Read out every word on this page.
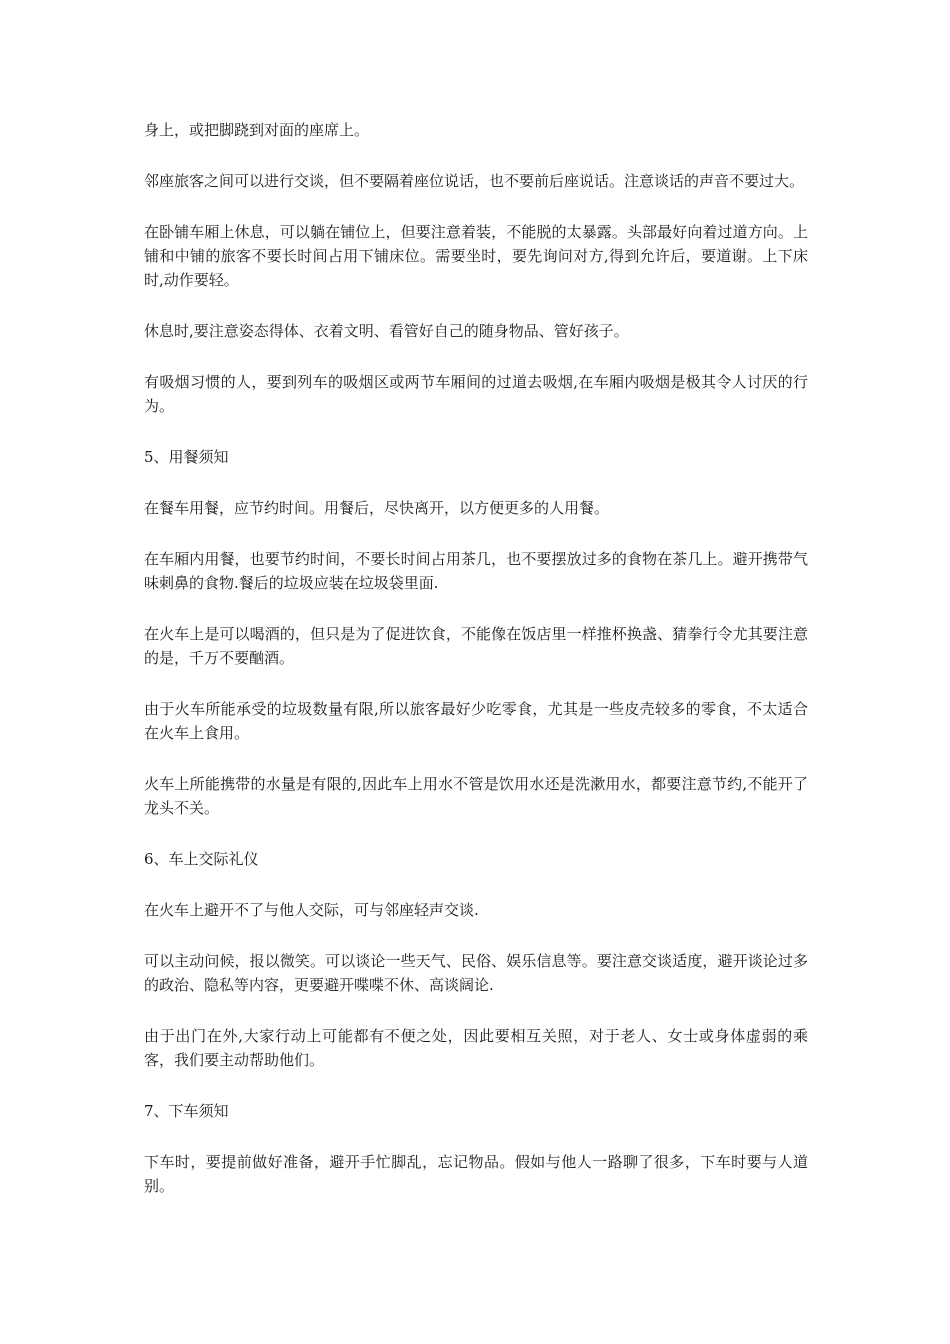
身上，或把脚跷到对面的座席上。

邻座旅客之间可以进行交谈，但不要隔着座位说话，也不要前后座说话。注意谈话的声音不要过大。

在卧铺车厢上休息，可以躺在铺位上，但要注意着装，不能脱的太暴露。头部最好向着过道方向。上铺和中铺的旅客不要长时间占用下铺床位。需要坐时，要先询问对方,得到允许后，要道谢。上下床时,动作要轻。

休息时,要注意姿态得体、衣着文明、看管好自己的随身物品、管好孩子。

有吸烟习惯的人，要到列车的吸烟区或两节车厢间的过道去吸烟,在车厢内吸烟是极其令人讨厌的行为。

5、用餐须知

在餐车用餐，应节约时间。用餐后，尽快离开，以方便更多的人用餐。

在车厢内用餐，也要节约时间，不要长时间占用茶几，也不要摆放过多的食物在茶几上。避开携带气味刺鼻的食物.餐后的垃圾应装在垃圾袋里面.

在火车上是可以喝酒的，但只是为了促进饮食，不能像在饭店里一样推杯换盏、猜拳行令尤其要注意的是，千万不要酗酒。

由于火车所能承受的垃圾数量有限,所以旅客最好少吃零食，尤其是一些皮壳较多的零食，不太适合在火车上食用。

火车上所能携带的水量是有限的,因此车上用水不管是饮用水还是洗漱用水，都要注意节约,不能开了龙头不关。

6、车上交际礼仪

在火车上避开不了与他人交际，可与邻座轻声交谈.

可以主动问候，报以微笑。可以谈论一些天气、民俗、娱乐信息等。要注意交谈适度，避开谈论过多的政治、隐私等内容，更要避开喋喋不休、高谈阔论.

由于出门在外,大家行动上可能都有不便之处，因此要相互关照，对于老人、女士或身体虚弱的乘客，我们要主动帮助他们。

7、下车须知

下车时，要提前做好准备，避开手忙脚乱，忘记物品。假如与他人一路聊了很多，下车时要与人道别。
